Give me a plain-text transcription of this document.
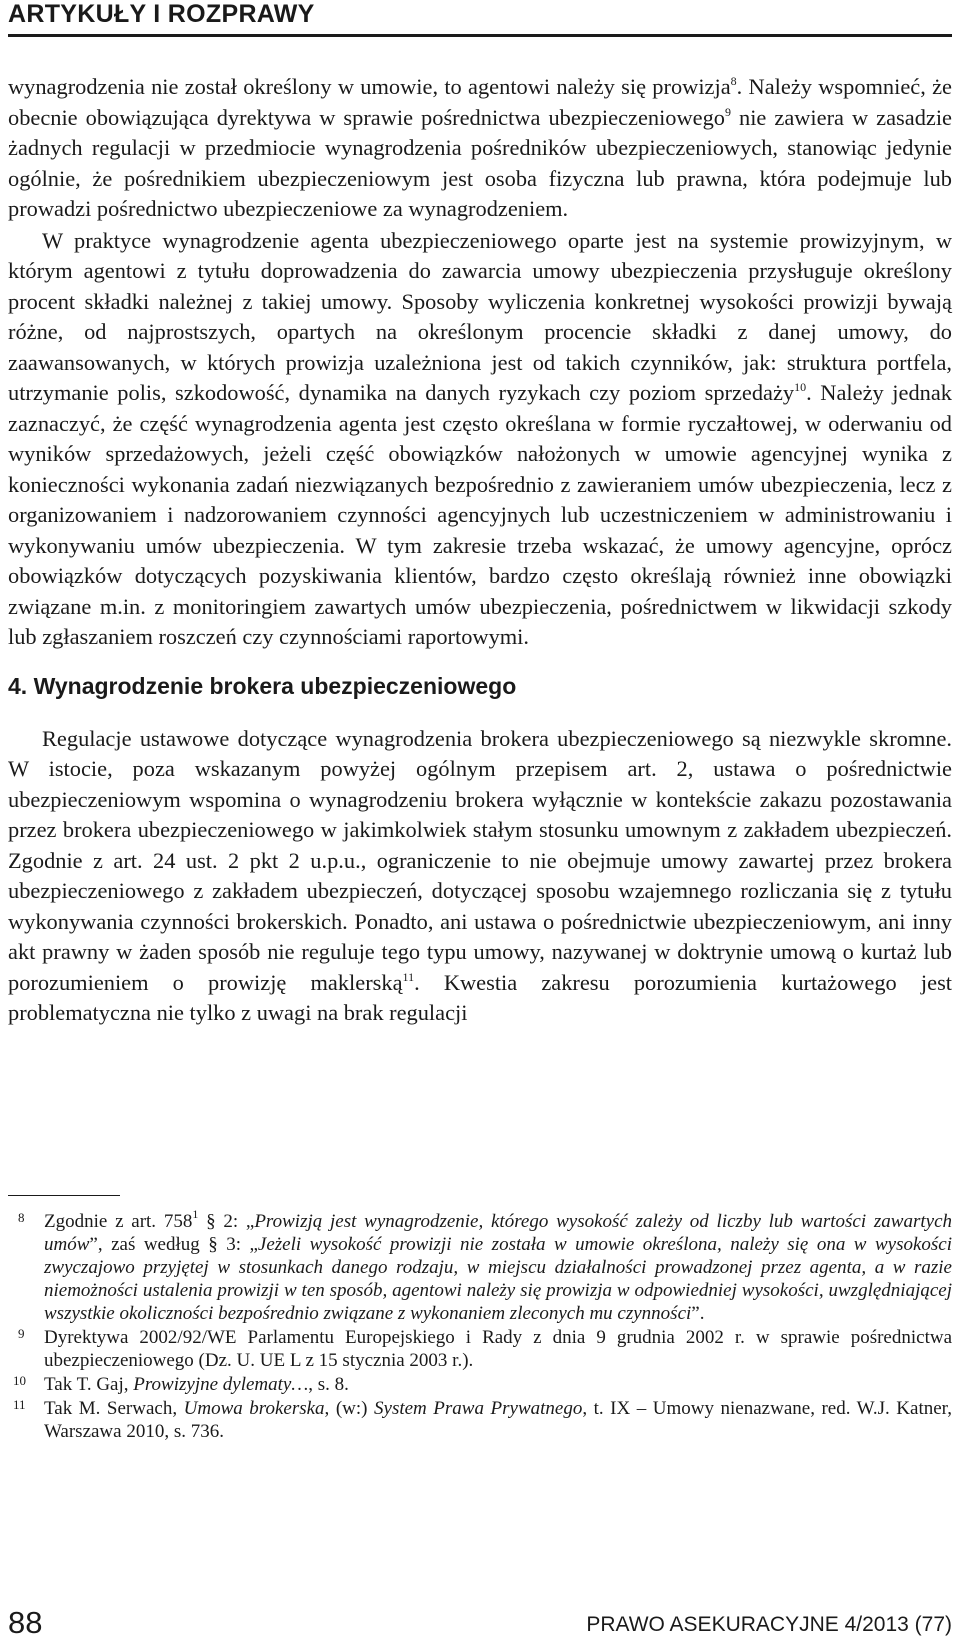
ARTYKUŁY I ROZPRAWY

wynagrodzenia nie został określony w umowie, to agentowi należy się prowizja$^8$. Należy wspomnieć, że obecnie obowiązująca dyrektywa w sprawie pośrednictwa ubezpieczeniowego$^9$ nie zawiera w zasadzie żadnych regulacji w przedmiocie wynagrodzenia pośredników ubezpieczeniowych, stanowiąc jedynie ogólnie, że pośrednikiem ubezpieczeniowym jest osoba fizyczna lub prawna, która podejmuje lub prowadzi pośrednictwo ubezpieczeniowe za wynagrodzeniem.

W praktyce wynagrodzenie agenta ubezpieczeniowego oparte jest na systemie prowizyjnym, w którym agentowi z tytułu doprowadzenia do zawarcia umowy ubezpieczenia przysługuje określony procent składki należnej z takiej umowy. Sposoby wyliczenia konkretnej wysokości prowizji bywają różne, od najprostszych, opartych na określonym procencie składki z danej umowy, do zaawansowanych, w których prowizja uzależniona jest od takich czynników, jak: struktura portfela, utrzymanie polis, szkodowość, dynamika na danych ryzykach czy poziom sprzedaży$^{10}$. Należy jednak zaznaczyć, że część wynagrodzenia agenta jest często określana w formie ryczałtowej, w oderwaniu od wyników sprzedażowych, jeżeli część obowiązków nałożonych w umowie agencyjnej wynika z konieczności wykonania zadań niezwiązanych bezpośrednio z zawieraniem umów ubezpieczenia, lecz z organizowaniem i nadzorowaniem czynności agencyjnych lub uczestniczeniem w administrowaniu i wykonywaniu umów ubezpieczenia. W tym zakresie trzeba wskazać, że umowy agencyjne, oprócz obowiązków dotyczących pozyskiwania klientów, bardzo często określają również inne obowiązki związane m.in. z monitoringiem zawartych umów ubezpieczenia, pośrednictwem w likwidacji szkody lub zgłaszaniem roszczeń czy czynnościami raportowymi.

4. Wynagrodzenie brokera ubezpieczeniowego

Regulacje ustawowe dotyczące wynagrodzenia brokera ubezpieczeniowego są niezwykle skromne. W istocie, poza wskazanym powyżej ogólnym przepisem art. 2, ustawa o pośrednictwie ubezpieczeniowym wspomina o wynagrodzeniu brokera wyłącznie w kontekście zakazu pozostawania przez brokera ubezpieczeniowego w jakimkolwiek stałym stosunku umownym z zakładem ubezpieczeń. Zgodnie z art. 24 ust. 2 pkt 2 u.p.u., ograniczenie to nie obejmuje umowy zawartej przez brokera ubezpieczeniowego z zakładem ubezpieczeń, dotyczącej sposobu wzajemnego rozliczania się z tytułu wykonywania czynności brokerskich. Ponadto, ani ustawa o pośrednictwie ubezpieczeniowym, ani inny akt prawny w żaden sposób nie reguluje tego typu umowy, nazywanej w doktrynie umową o kurtaż lub porozumieniem o prowizję maklerską$^{11}$. Kwestia zakresu porozumienia kurtażowego jest problematyczna nie tylko z uwagi na brak regulacji

8 Zgodnie z art. $758^1$ § 2: „Prowizją jest wynagrodzenie, którego wysokość zależy od liczby lub wartości zawartych umów”, zaś według § 3: „Jeżeli wysokość prowizji nie została w umowie określona, należy się ona w wysokości zwyczajowo przyjętej w stosunkach danego rodzaju, w miejscu działalności prowadzonej przez agenta, a w razie niemożności ustalenia prowizji w ten sposób, agentowi należy się prowizja w odpowiedniej wysokości, uwzględniającej wszystkie okoliczności bezpośrednio związane z wykonaniem zleconych mu czynności”.

9 Dyrektywa 2002/92/WE Parlamentu Europejskiego i Rady z dnia 9 grudnia 2002 r. w sprawie pośrednictwa ubezpieczeniowego (Dz. U. UE L z 15 stycznia 2003 r.).

10 Tak T. Gaj, Prowizyjne dylematy…, s. 8.

11 Tak M. Serwach, Umowa brokerska, (w:) System Prawa Prywatnego, t. IX – Umowy nienazwane, red. W.J. Katner, Warszawa 2010, s. 736.

88	PRAWO ASEKURACYJNE 4/2013 (77)
